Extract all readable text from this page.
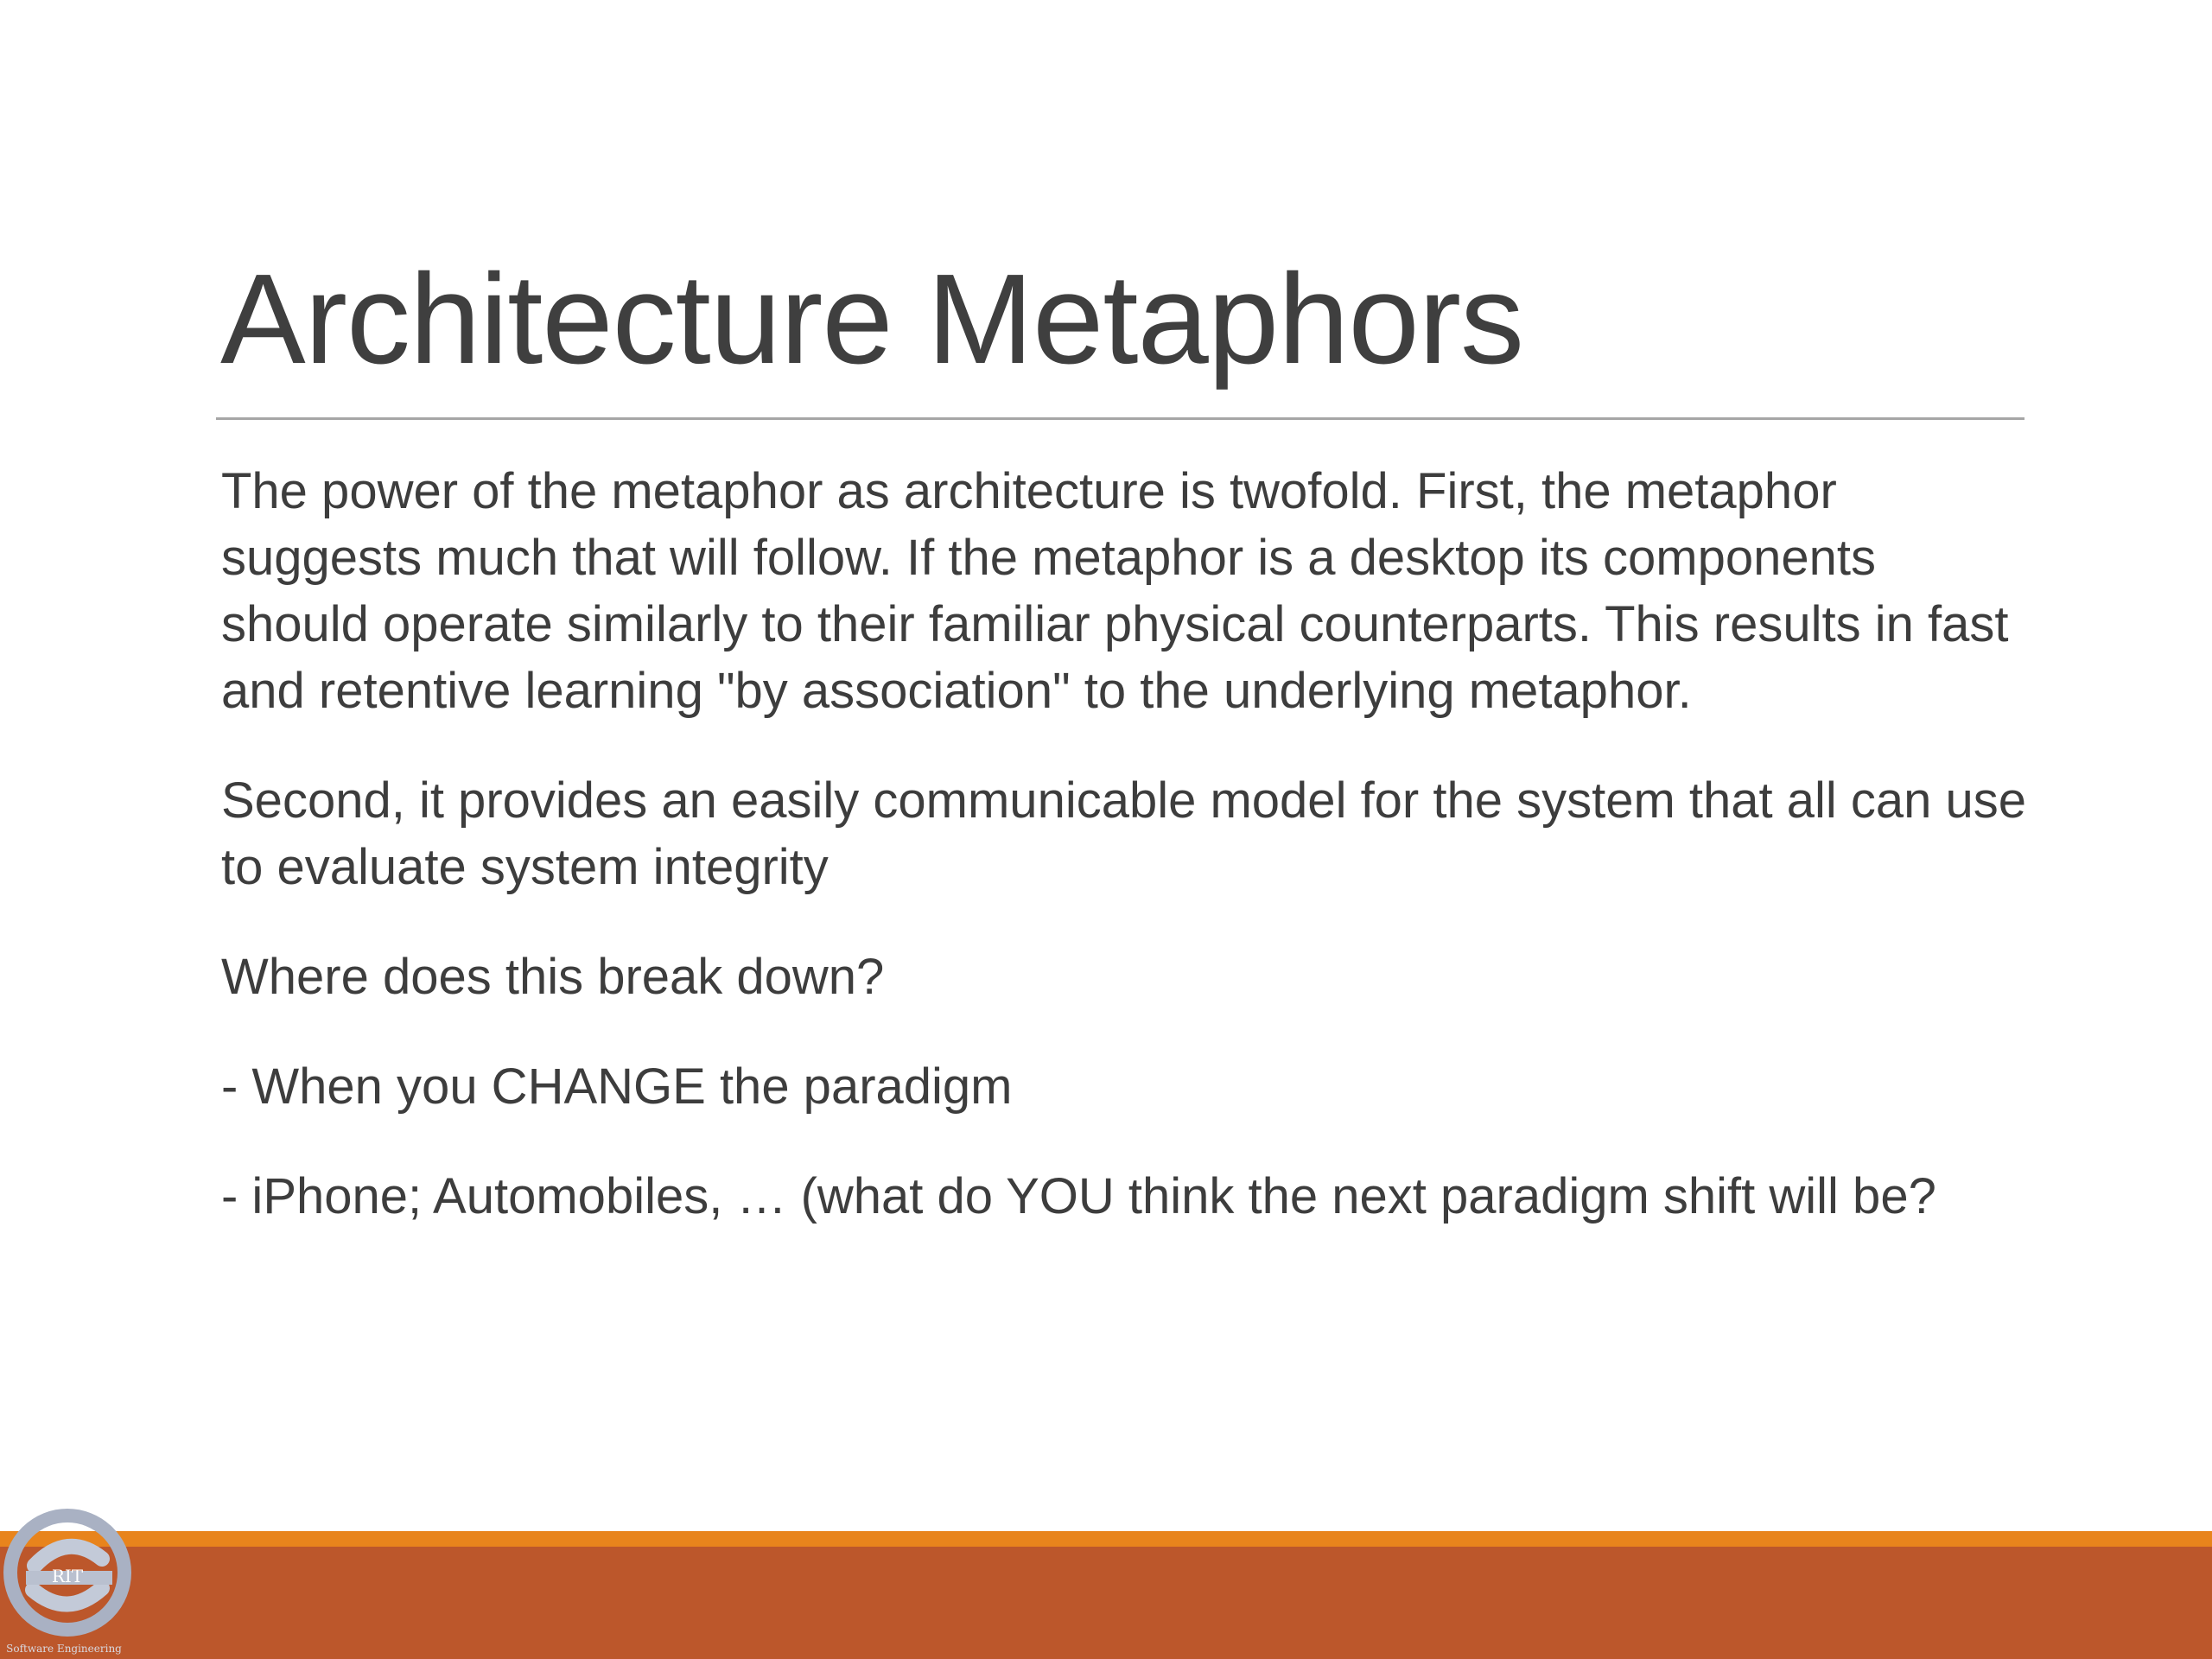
Architecture Metaphors

The power of the metaphor as architecture is twofold. First, the metaphor suggests much that will follow. If the metaphor is a desktop its components should operate similarly to their familiar physical counterparts. This results in fast and retentive learning "by association" to the underlying metaphor.

Second, it provides an easily communicable model for the system that all can use to evaluate system integrity

Where does this break down?

- When you CHANGE the paradigm

- iPhone; Automobiles, … (what do YOU think the next paradigm shift will be?

RIT
Software Engineering
